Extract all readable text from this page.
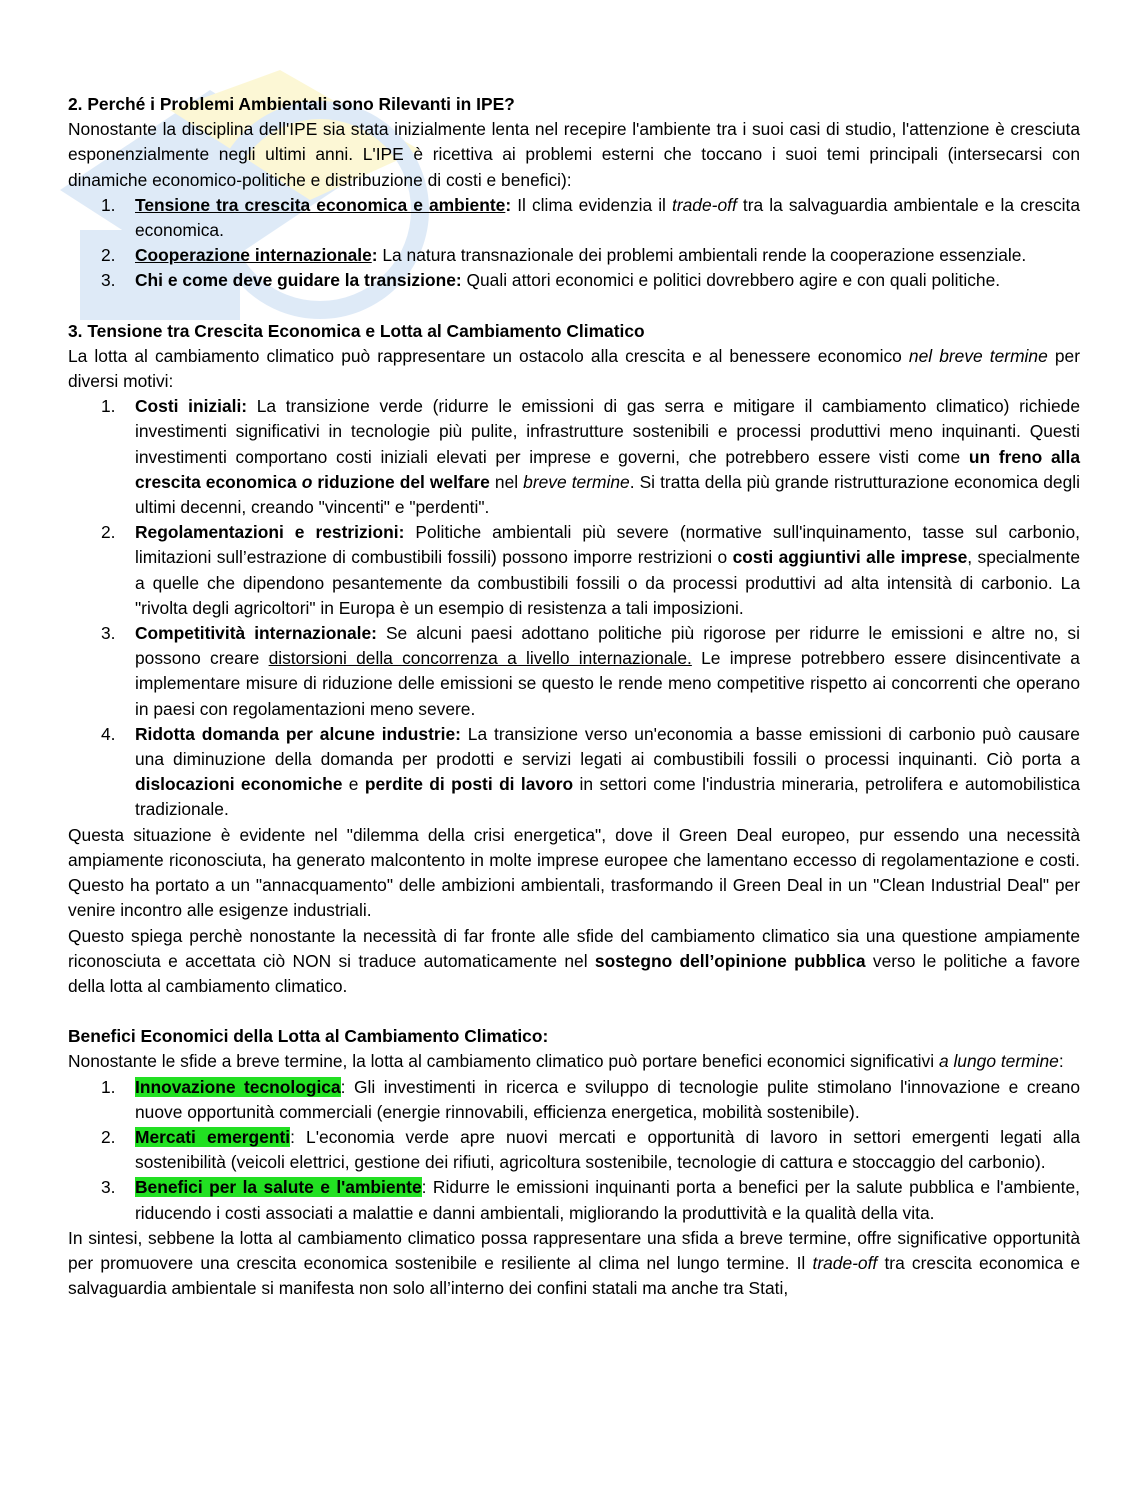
2. Perché i Problemi Ambientali sono Rilevanti in IPE?

Nonostante la disciplina dell'IPE sia stata inizialmente lenta nel recepire l'ambiente tra i suoi casi di studio, l'attenzione è cresciuta esponenzialmente negli ultimi anni. L'IPE è ricettiva ai problemi esterni che toccano i suoi temi principali (intersecarsi con dinamiche economico-politiche e distribuzione di costi e benefici):

1. Tensione tra crescita economica e ambiente: Il clima evidenzia il trade-off tra la salvaguardia ambientale e la crescita economica.
2. Cooperazione internazionale: La natura transnazionale dei problemi ambientali rende la cooperazione essenziale.
3. Chi e come deve guidare la transizione: Quali attori economici e politici dovrebbero agire e con quali politiche.
3. Tensione tra Crescita Economica e Lotta al Cambiamento Climatico

La lotta al cambiamento climatico può rappresentare un ostacolo alla crescita e al benessere economico nel breve termine per diversi motivi:

1. Costi iniziali: La transizione verde (ridurre le emissioni di gas serra e mitigare il cambiamento climatico) richiede investimenti significativi in tecnologie più pulite, infrastrutture sostenibili e processi produttivi meno inquinanti. Questi investimenti comportano costi iniziali elevati per imprese e governi, che potrebbero essere visti come un freno alla crescita economica o riduzione del welfare nel breve termine. Si tratta della più grande ristrutturazione economica degli ultimi decenni, creando "vincenti" e "perdenti".
2. Regolamentazioni e restrizioni: Politiche ambientali più severe (normative sull'inquinamento, tasse sul carbonio, limitazioni sull’estrazione di combustibili fossili) possono imporre restrizioni o costi aggiuntivi alle imprese, specialmente a quelle che dipendono pesantemente da combustibili fossili o da processi produttivi ad alta intensità di carbonio. La "rivolta degli agricoltori" in Europa è un esempio di resistenza a tali imposizioni.
3. Competitività internazionale: Se alcuni paesi adottano politiche più rigorose per ridurre le emissioni e altre no, si possono creare distorsioni della concorrenza a livello internazionale. Le imprese potrebbero essere disincentivate a implementare misure di riduzione delle emissioni se questo le rende meno competitive rispetto ai concorrenti che operano in paesi con regolamentazioni meno severe.
4. Ridotta domanda per alcune industrie: La transizione verso un'economia a basse emissioni di carbonio può causare una diminuzione della domanda per prodotti e servizi legati ai combustibili fossili o processi inquinanti. Ciò porta a dislocazioni economiche e perdite di posti di lavoro in settori come l'industria mineraria, petrolifera e automobilistica tradizionale.

Questa situazione è evidente nel "dilemma della crisi energetica", dove il Green Deal europeo, pur essendo una necessità ampiamente riconosciuta, ha generato malcontento in molte imprese europee che lamentano eccesso di regolamentazione e costi. Questo ha portato a un "annacquamento" delle ambizioni ambientali, trasformando il Green Deal in un "Clean Industrial Deal" per venire incontro alle esigenze industriali.

Questo spiega perchè nonostante la necessità di far fronte alle sfide del cambiamento climatico sia una questione ampiamente riconosciuta e accettata ciò NON si traduce automaticamente nel sostegno dell’opinione pubblica verso le politiche a favore della lotta al cambiamento climatico.

Benefici Economici della Lotta al Cambiamento Climatico:

Nonostante le sfide a breve termine, la lotta al cambiamento climatico può portare benefici economici significativi a lungo termine:

1. Innovazione tecnologica: Gli investimenti in ricerca e sviluppo di tecnologie pulite stimolano l'innovazione e creano nuove opportunità commerciali (energie rinnovabili, efficienza energetica, mobilità sostenibile).
2. Mercati emergenti: L'economia verde apre nuovi mercati e opportunità di lavoro in settori emergenti legati alla sostenibilità (veicoli elettrici, gestione dei rifiuti, agricoltura sostenibile, tecnologie di cattura e stoccaggio del carbonio).
3. Benefici per la salute e l'ambiente: Ridurre le emissioni inquinanti porta a benefici per la salute pubblica e l'ambiente, riducendo i costi associati a malattie e danni ambientali, migliorando la produttività e la qualità della vita.

In sintesi, sebbene la lotta al cambiamento climatico possa rappresentare una sfida a breve termine, offre significative opportunità per promuovere una crescita economica sostenibile e resiliente al clima nel lungo termine. Il trade-off tra crescita economica e salvaguardia ambientale si manifesta non solo all’interno dei confini statali ma anche tra Stati,
